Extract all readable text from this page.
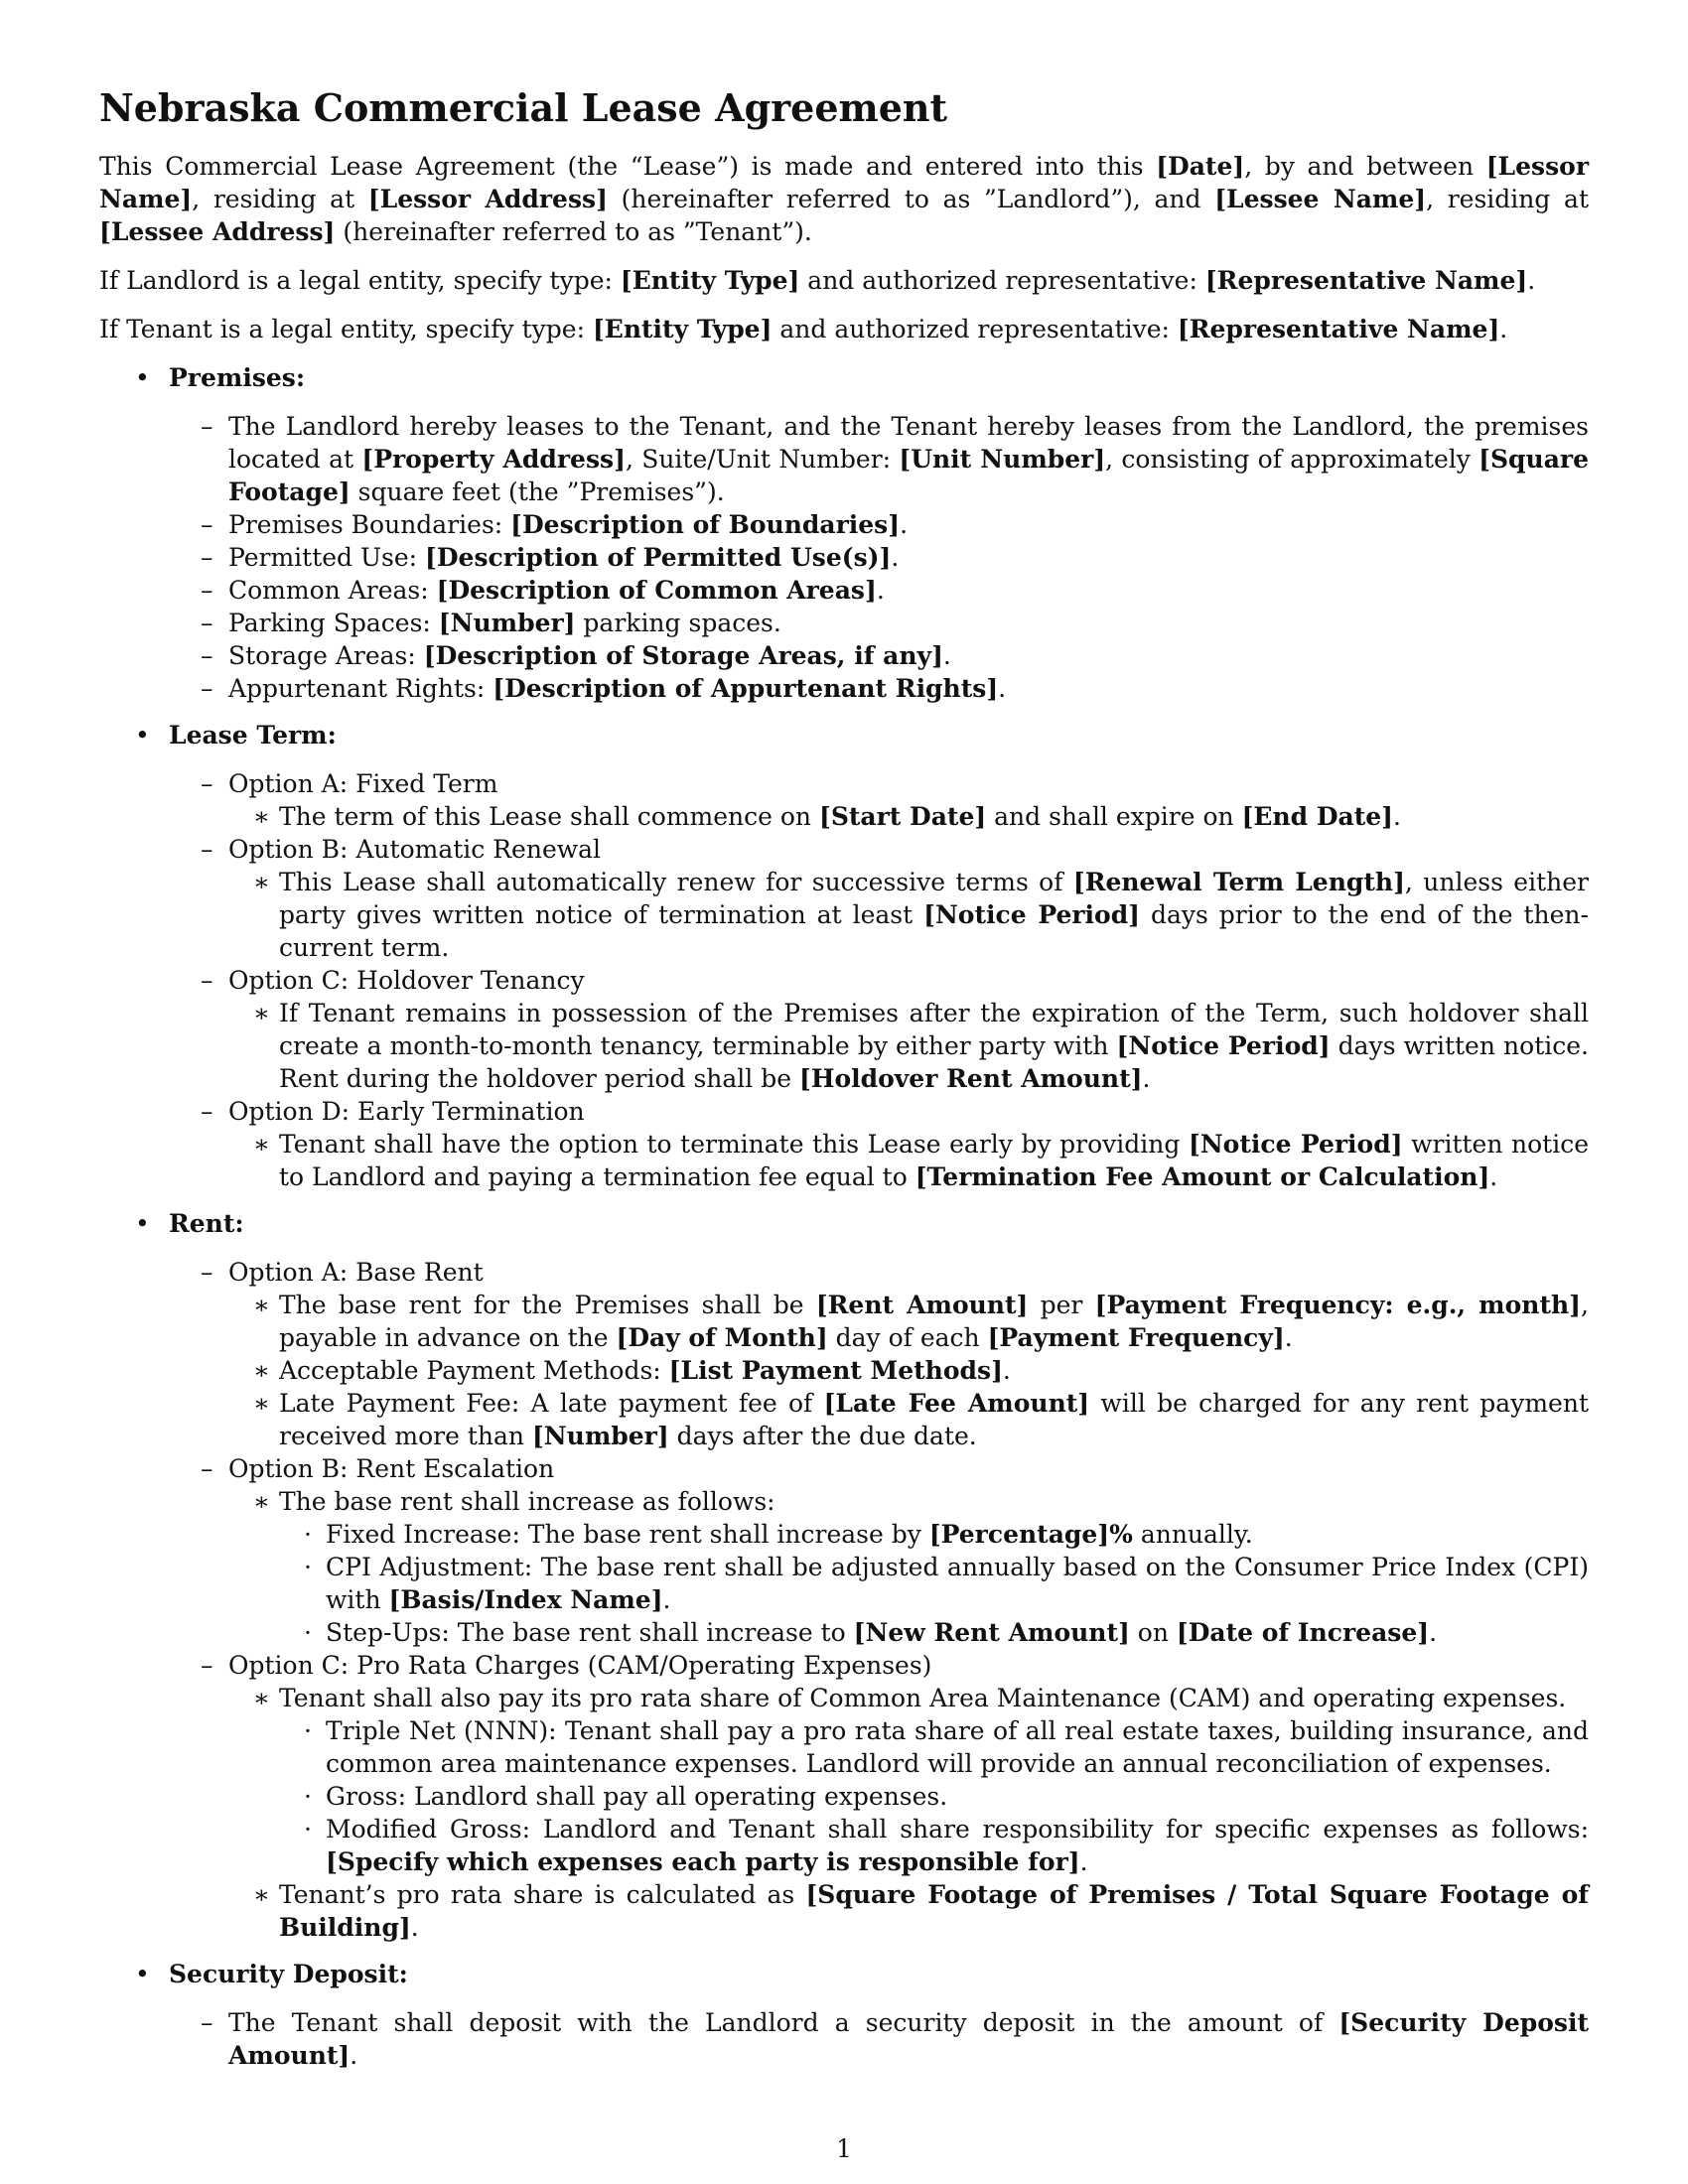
Nebraska Commercial Lease Agreement

This Commercial Lease Agreement (the “Lease”) is made and entered into this [Date], by and between [Lessor Name], residing at [Lessor Address] (hereinafter referred to as ”Landlord”), and [Lessee Name], residing at [Lessee Address] (hereinafter referred to as ”Tenant”).

If Landlord is a legal entity, specify type: [Entity Type] and authorized representative: [Representative Name].

If Tenant is a legal entity, specify type: [Entity Type] and authorized representative: [Representative Name].

• Premises:
– The Landlord hereby leases to the Tenant, and the Tenant hereby leases from the Landlord, the premises located at [Property Address], Suite/Unit Number: [Unit Number], consisting of approximately [Square Footage] square feet (the ”Premises”).
– Premises Boundaries: [Description of Boundaries].
– Permitted Use: [Description of Permitted Use(s)].
– Common Areas: [Description of Common Areas].
– Parking Spaces: [Number] parking spaces.
– Storage Areas: [Description of Storage Areas, if any].
– Appurtenant Rights: [Description of Appurtenant Rights].
• Lease Term:
– Option A: Fixed Term
∗ The term of this Lease shall commence on [Start Date] and shall expire on [End Date].
– Option B: Automatic Renewal
∗ This Lease shall automatically renew for successive terms of [Renewal Term Length], unless either party gives written notice of termination at least [Notice Period] days prior to the end of the then-current term.
– Option C: Holdover Tenancy
∗ If Tenant remains in possession of the Premises after the expiration of the Term, such holdover shall create a month-to-month tenancy, terminable by either party with [Notice Period] days written notice. Rent during the holdover period shall be [Holdover Rent Amount].
– Option D: Early Termination
∗ Tenant shall have the option to terminate this Lease early by providing [Notice Period] written notice to Landlord and paying a termination fee equal to [Termination Fee Amount or Calculation].
• Rent:
– Option A: Base Rent
∗ The base rent for the Premises shall be [Rent Amount] per [Payment Frequency: e.g., month], payable in advance on the [Day of Month] day of each [Payment Frequency].
∗ Acceptable Payment Methods: [List Payment Methods].
∗ Late Payment Fee: A late payment fee of [Late Fee Amount] will be charged for any rent payment received more than [Number] days after the due date.
– Option B: Rent Escalation
∗ The base rent shall increase as follows:
· Fixed Increase: The base rent shall increase by [Percentage]% annually.
· CPI Adjustment: The base rent shall be adjusted annually based on the Consumer Price Index (CPI) with [Basis/Index Name].
· Step-Ups: The base rent shall increase to [New Rent Amount] on [Date of Increase].
– Option C: Pro Rata Charges (CAM/Operating Expenses)
∗ Tenant shall also pay its pro rata share of Common Area Maintenance (CAM) and operating expenses.
· Triple Net (NNN): Tenant shall pay a pro rata share of all real estate taxes, building insurance, and common area maintenance expenses. Landlord will provide an annual reconciliation of expenses.
· Gross: Landlord shall pay all operating expenses.
· Modified Gross: Landlord and Tenant shall share responsibility for specific expenses as follows: [Specify which expenses each party is responsible for].
∗ Tenant’s pro rata share is calculated as [Square Footage of Premises / Total Square Footage of Building].
• Security Deposit:
– The Tenant shall deposit with the Landlord a security deposit in the amount of [Security Deposit Amount].
1
